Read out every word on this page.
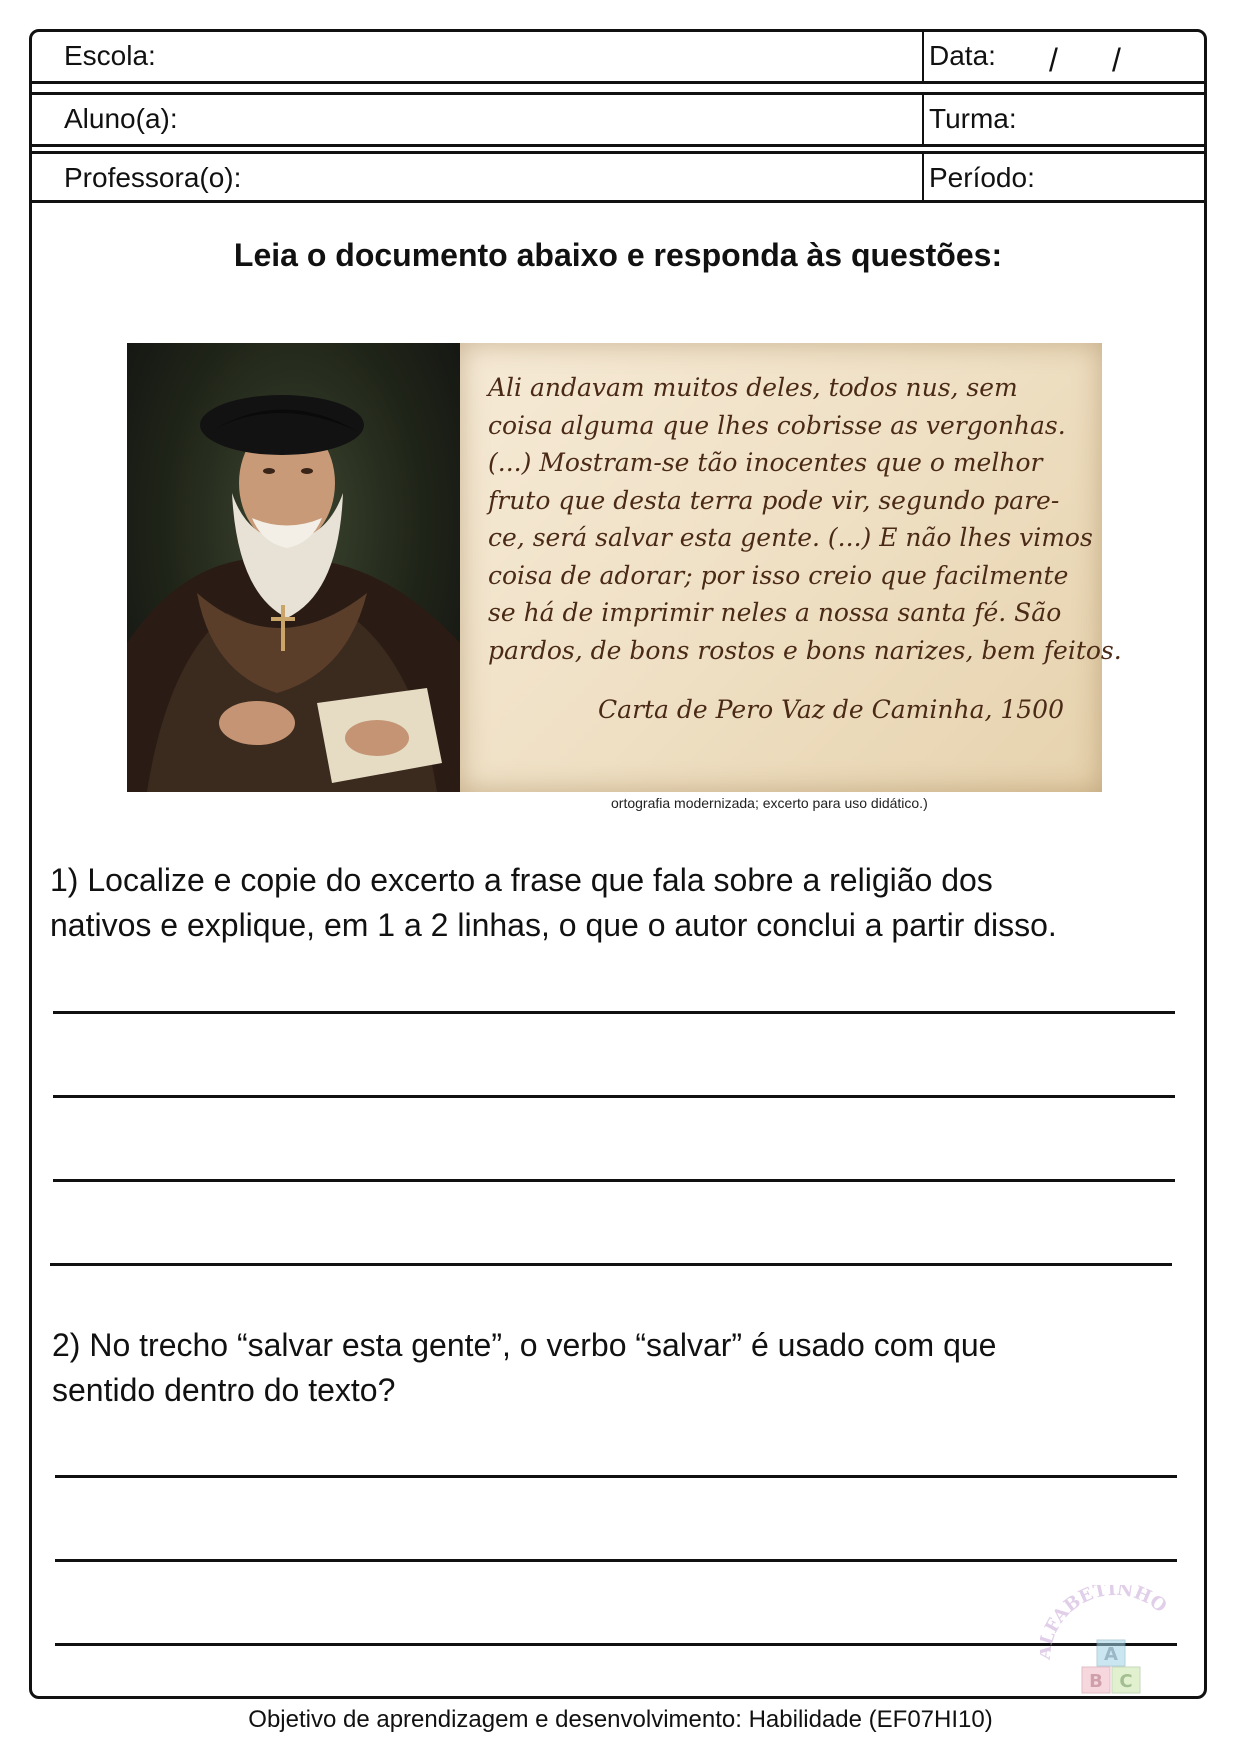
Escola:	Data: / /
Aluno(a):	Turma:
Professora(o):	Período:
Leia o documento abaixo e responda às questões:
Ali andavam muitos deles, todos nus, sem
coisa alguma que lhes cobrisse as vergonhas.
(...) Mostram-se tão inocentes que o melhor
fruto que desta terra pode vir, segundo pare-
ce, será salvar esta gente. (...) E não lhes vimos
coisa de adorar; por isso creio que facilmente
se há de imprimir neles a nossa santa fé. São
pardos, de bons rostos e bons narizes, bem feitos.
Carta de Pero Vaz de Caminha, 1500
ortografia modernizada; excerto para uso didático.)
1) Localize e copie do excerto a frase que fala sobre a religião dos
nativos e explique, em 1 a 2 linhas, o que o autor conclui a partir disso.
2) No trecho “salvar esta gente”, o verbo “salvar” é usado com que
sentido dentro do texto?
FABETINHO
A
B C
Objetivo de aprendizagem e desenvolvimento: Habilidade (EF07HI10)
